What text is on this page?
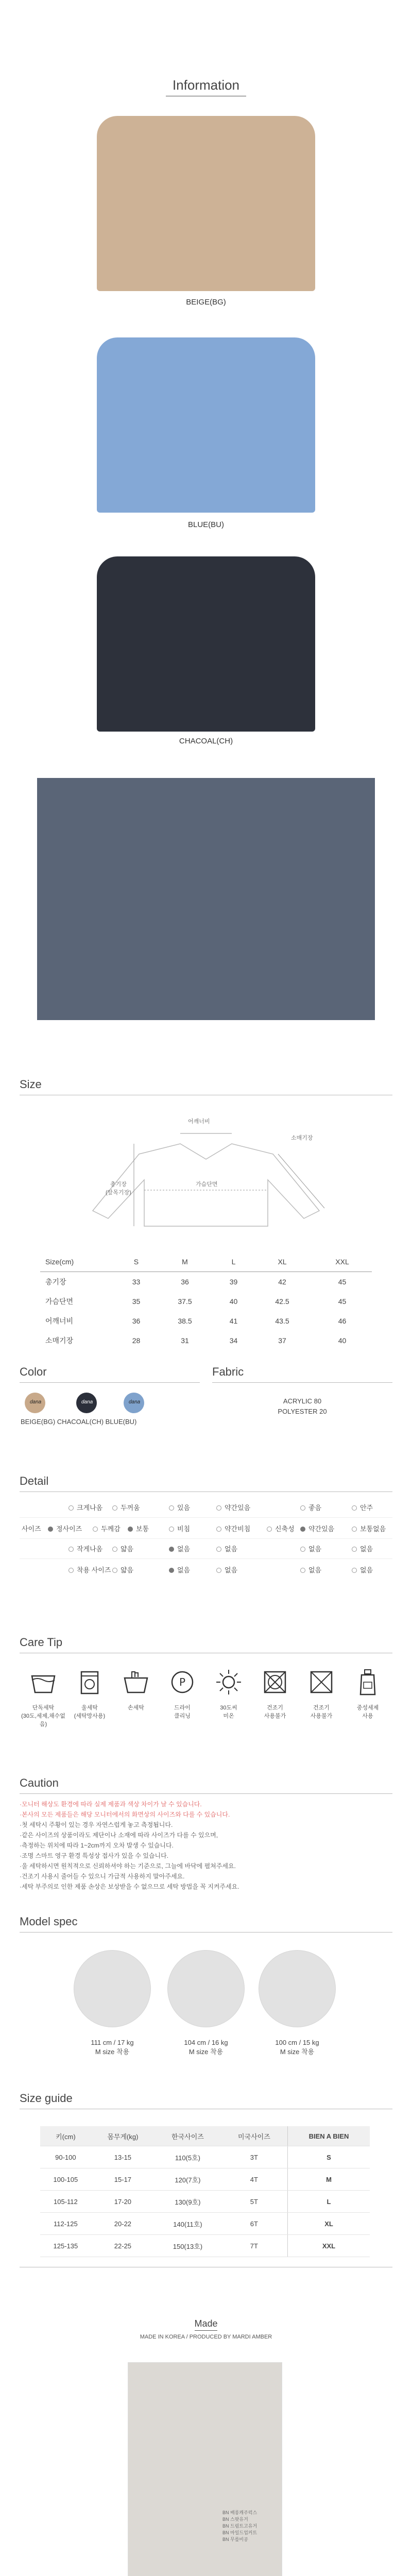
Information
BEIGE(BG)
BLUE(BU)
CHACOAL(CH)
Size
어깨너비
소매기장
총기장
(앞목기장)
가슴단면
Size(cm)	S	M	L	XL	XXL
총기장	33	36	39	42	45
가슴단면	35	37.5	40	42.5	45
어깨너비	36	38.5	41	43.5	46
소매기장	28	31	34	37	40
Color
dana	dana	dana
BEIGE(BG) CHACOAL(CH) BLUE(BU)
Fabric
ACRYLIC 80
POLYESTER 20
Detail
크게나옴	두꺼움	있음	약간있음	좋음	안주
사이즈	정사이즈	두께감	보통	비침	약간비침	신축성	약간있음	보통없음
작게나옴	얇음	없음	없음	없음	없음
착용 사이즈	얇음	없음	없음	없음	없음
Care Tip
단독세탁
(30도,세제,채수없음)
울세탁
(세탁망사용)
손세탁
P
드라이
클리닝
30도씨
미온
건조기
사용불가
건조기
사용불가
중성세제
사용
Caution
·모니터 해상도 환경에 따라 실제 제품과 색상 차이가 날 수 있습니다.
·본사의 모든 제품들은 해당 모니터에서의 화면상의 사이즈와 다를 수 있습니다.
·첫 세탁시 주황이 있는 경우 자연스럽게 놓고 측정됩니다.
·같은 사이즈의 상품이라도 제단이나 소재에 따라 사이즈가 다를 수 있으며,
·측정하는 위치에 따라 1~2cm까지 오차 발생 수 있습니다.
·조명 스마트 영구 환경 특성상 접사가 있을 수 있습니다.
·울 세탁하시면 원칙적으로 신뢰하셔야 하는 기준으로, 그늘에 바닥에 펼쳐주세요.
·건조기 사용시 줄어들 수 있으니 가급적 사용하지 말아주세요.
·세탁 부주의로 인한 제품 손상은 보상받을 수 없으므로 세탁 방법을 꼭 지켜주세요.
Model spec
111 cm / 17 kg
M size 착용
104 cm / 16 kg
M size 착용
100 cm / 15 kg
M size 착용
Size guide
키(cm)	몸무게(kg)	한국사이즈	미국사이즈	BIEN A BIEN
90-100	13-15	110(5호)	3T	S
100-105	15-17	120(7호)	4T	M
105-112	17-20	130(9호)	5T	L
112-125	20-22	140(11호)	6T	XL
125-135	22-25	150(13호)	7T	XXL
Made
MADE IN KOREA / PRODUCED BY MARDI AMBER
BN 배롱캐주럭스
BN 스팟유거
BN 드림트고유거
BN 마일드업커트
BN 무릎비공
